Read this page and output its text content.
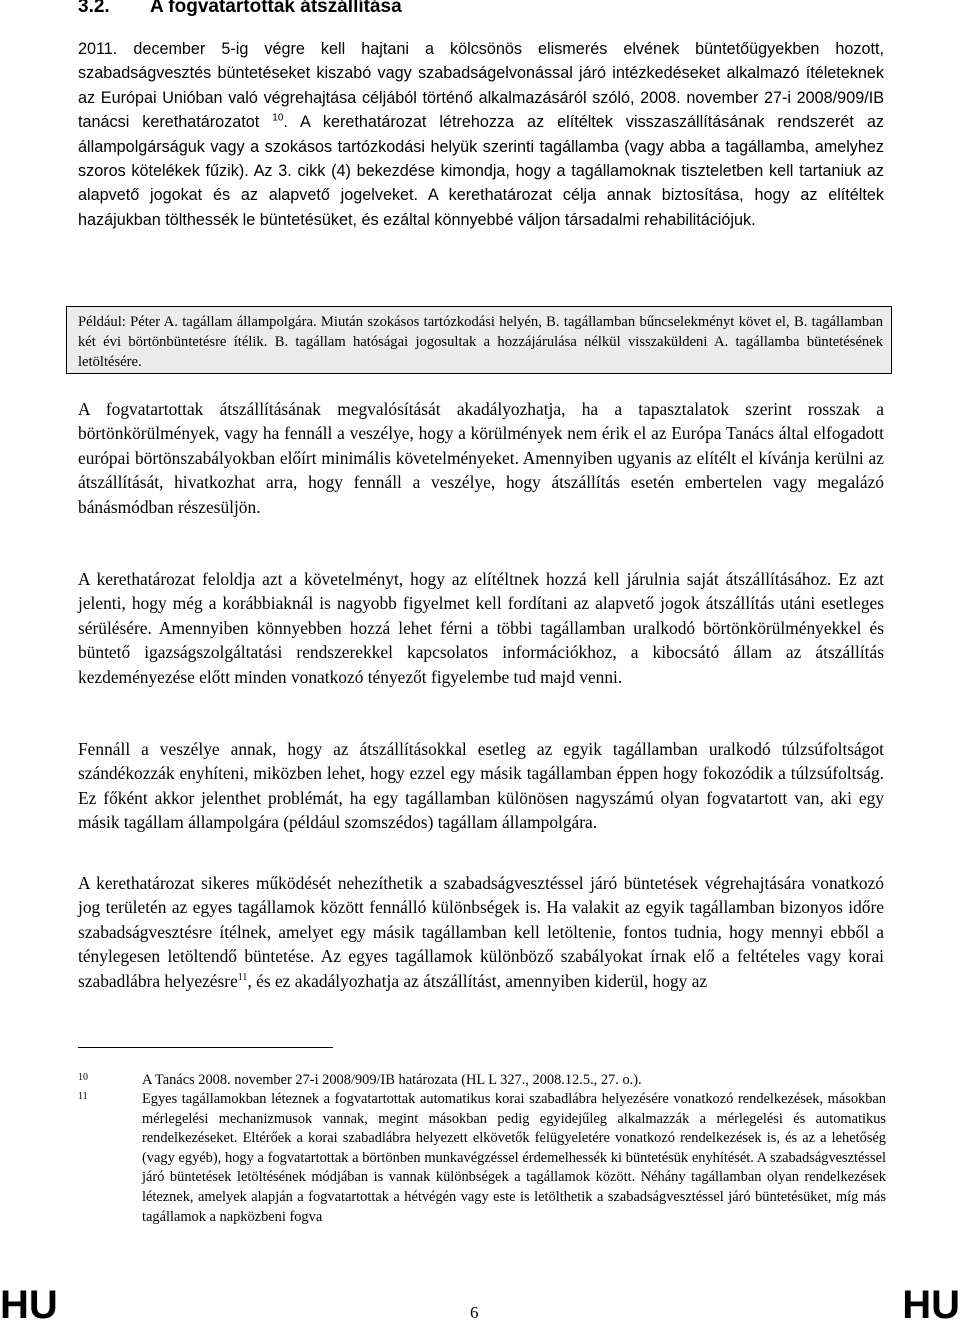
3.2. A fogvatartottak átszállítása

2011. december 5-ig végre kell hajtani a kölcsönös elismerés elvének büntetőügyekben hozott, szabadságvesztés büntetéseket kiszabó vagy szabadságelvonással járó intézkedéseket alkalmazó ítéleteknek az Európai Unióban való végrehajtása céljából történő alkalmazásáról szóló, 2008. november 27-i 2008/909/IB tanácsi kerethatározatot $^{10}$. A kerethatározat létrehozza az elítéltek visszaszállításának rendszerét az állampolgárságuk vagy a szokásos tartózkodási helyük szerinti tagállamba (vagy abba a tagállamba, amelyhez szoros kötelékek fűzik). Az 3. cikk (4) bekezdése kimondja, hogy a tagállamoknak tiszteletben kell tartaniuk az alapvető jogokat és az alapvető jogelveket. A kerethatározat célja annak biztosítása, hogy az elítéltek hazájukban tölthessék le büntetésüket, és ezáltal könnyebbé váljon társadalmi rehabilitációjuk.

Például: Péter A. tagállam állampolgára. Miután szokásos tartózkodási helyén, B. tagállamban bűncselekményt követ el, B. tagállamban két évi börtönbüntetésre ítélik. B. tagállam hatóságai jogosultak a hozzájárulása nélkül visszaküldeni A. tagállamba büntetésének letöltésére.

A fogvatartottak átszállításának megvalósítását akadályozhatja, ha a tapasztalatok szerint rosszak a börtönkörülmények, vagy ha fennáll a veszélye, hogy a körülmények nem érik el az Európa Tanács által elfogadott európai börtönszabályokban előírt minimális követelményeket. Amennyiben ugyanis az elítélt el kívánja kerülni az átszállítását, hivatkozhat arra, hogy fennáll a veszélye, hogy átszállítás esetén embertelen vagy megalázó bánásmódban részesüljön.

A kerethatározat feloldja azt a követelményt, hogy az elítéltnek hozzá kell járulnia saját átszállításához. Ez azt jelenti, hogy még a korábbiaknál is nagyobb figyelmet kell fordítani az alapvető jogok átszállítás utáni esetleges sérülésére. Amennyiben könnyebben hozzá lehet férni a többi tagállamban uralkodó börtönkörülményekkel és büntető igazságszolgáltatási rendszerekkel kapcsolatos információkhoz, a kibocsátó állam az átszállítás kezdeményezése előtt minden vonatkozó tényezőt figyelembe tud majd venni.

Fennáll a veszélye annak, hogy az átszállításokkal esetleg az egyik tagállamban uralkodó túlzsúfoltságot szándékozzák enyhíteni, miközben lehet, hogy ezzel egy másik tagállamban éppen hogy fokozódik a túlzsúfoltság. Ez főként akkor jelenthet problémát, ha egy tagállamban különösen nagyszámú olyan fogvatartott van, aki egy másik tagállam állampolgára (például szomszédos) tagállam állampolgára.

A kerethatározat sikeres működését nehezíthetik a szabadságvesztéssel járó büntetések végrehajtására vonatkozó jog területén az egyes tagállamok között fennálló különbségek is. Ha valakit az egyik tagállamban bizonyos időre szabadságvesztésre ítélnek, amelyet egy másik tagállamban kell letöltenie, fontos tudnia, hogy mennyi ebből a ténylegesen letöltendő büntetése. Az egyes tagállamok különböző szabályokat írnak elő a feltételes vagy korai szabadlábra helyezésre$^{11}$, és ez akadályozhatja az átszállítást, amennyiben kiderül, hogy az

10	A Tanács 2008. november 27-i 2008/909/IB határozata (HL L 327., 2008.12.5., 27. o.).
11	Egyes tagállamokban léteznek a fogvatartottak automatikus korai szabadlábra helyezésére vonatkozó rendelkezések, másokban mérlegelési mechanizmusok vannak, megint másokban pedig egyidejűleg alkalmazzák a mérlegelési és automatikus rendelkezéseket. Eltérőek a korai szabadlábra helyezett elkövetők felügyeletére vonatkozó rendelkezések is, és az a lehetőség (vagy egyéb), hogy a fogvatartottak a börtönben munkavégzéssel érdemelhessék ki büntetésük enyhítését. A szabadságvesztéssel járó büntetések letöltésének módjában is vannak különbségek a tagállamok között. Néhány tagállamban olyan rendelkezések léteznek, amelyek alapján a fogvatartottak a hétvégén vagy este is letölthetik a szabadságvesztéssel járó büntetésüket, míg más tagállamok a napközbeni fogva
HU	6	HU
